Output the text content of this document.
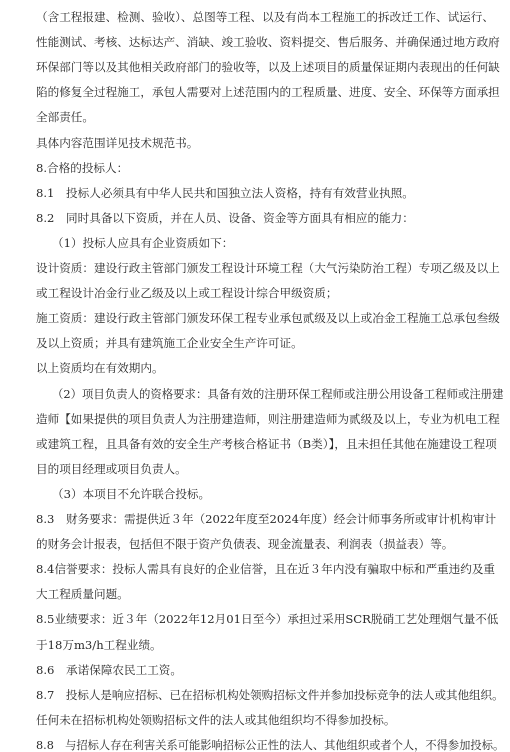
（含工程报建、检测、验收）、总图等工程、以及有尚本工程施工的拆改迁工作、试运行、
性能测试、考核、达标达产、消缺、竣工验收、资料提交、售后服务、并确保通过地方政府
环保部门等以及其他相关政府部门的验收等，以及上述项目的质量保证期内表现出的任何缺
陷的修复全过程施工，承包人需要对上述范围内的工程质量、进度、安全、环保等方面承担
全部责任。
具体内容范围详见技术规范书。
8.合格的投标人：
8.1　投标人必须具有中华人民共和国独立法人资格，持有有效营业执照。
8.2　同时具备以下资质，并在人员、设备、资金等方面具有相应的能力：
（1）投标人应具有企业资质如下：
设计资质：建设行政主管部门颁发工程设计环境工程（大气污染防治工程）专项乙级及以上
或工程设计冶金行业乙级及以上或工程设计综合甲级资质；
施工资质：建设行政主管部门颁发环保工程专业承包贰级及以上或冶金工程施工总承包叁级
及以上资质；并具有建筑施工企业安全生产许可证。
以上资质均在有效期内。
（2）项目负责人的资格要求：具备有效的注册环保工程师或注册公用设备工程师或注册建
造师【如果提供的项目负责人为注册建造师，则注册建造师为贰级及以上，专业为机电工程
或建筑工程，且具备有效的安全生产考核合格证书（B类）】，且未担任其他在施建设工程项
目的项目经理或项目负责人。
（3）本项目不允许联合投标。
8.3　财务要求：需提供近３年（2022年度至2024年度）经会计师事务所或审计机构审计
的财务会计报表，包括但不限于资产负债表、现金流量表、利润表（损益表）等。
8.4信誉要求：投标人需具有良好的企业信誉，且在近３年内没有骗取中标和严重违约及重
大工程质量问题。
8.5业绩要求：近３年（2022年12月01日至今）承担过采用SCR脱硝工艺处理烟气量不低
于18万m3/h工程业绩。
8.6　承诺保障农民工工资。
8.7　投标人是响应招标、已在招标机构处领购招标文件并参加投标竞争的法人或其他组织。
任何未在招标机构处领购招标文件的法人或其他组织均不得参加投标。
8.8　与招标人存在利害关系可能影响招标公正性的法人、其他组织或者个人，不得参加投标。
